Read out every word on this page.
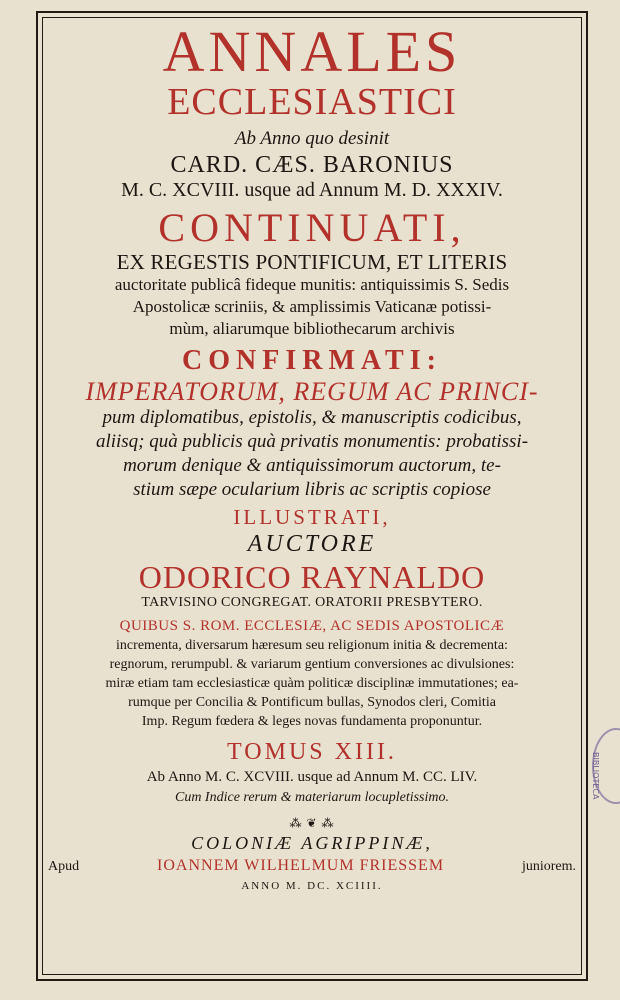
ANNALES
ECCLESIASTICI
Ab Anno quo desinit
CARD. CÆS. BARONIUS
M. C. XCVIII. usque ad Annum M. D. XXXIV.
CONTINUATI,
EX REGESTIS PONTIFICUM, ET LITERIS
auctoritate publicâ fideque munitis: antiquissimis S. Sedis
Apostolicæ scriniis, & amplissimis Vaticanæ potissi-
mùm, aliarumque bibliothecarum archivis
CONFIRMATI:
IMPERATORUM, REGUM AC PRINCI-
pum diplomatibus, epistolis, & manuscriptis codicibus,
aliisq; quà publicis quà privatis monumentis: probatissi-
morum denique & antiquissimorum auctorum, te-
stium sæpe ocularium libris ac scriptis copiose
ILLUSTRATI,
AUCTORE
ODORICO RAYNALDO
TARVISINO CONGREGAT. ORATORII PRESBYTERO.
QUIBUS S. ROM. ECCLESIÆ, AC SEDIS APOSTOLICÆ
incrementa, diversarum hæresum seu religionum initia & decrementa:
regnorum, rerumpubl. & variarum gentium conversiones ac divulsiones:
miræ etiam tam ecclesiasticæ quàm politicæ disciplinæ immutationes; ea-
rumque per Concilia & Pontificum bullas, Synodos cleri, Comitia
Imp. Regum fœdera & leges novas fundamenta proponuntur.
TOMUS XIII.
Ab Anno M. C. XCVIII. usque ad Annum M. CC. LIV.
Cum Indice rerum & materiarum locupletissimo.
⁂ ❦ ⁂
COLONIÆ AGRIPPINÆ,
Apud	IOANNEM WILHELMUM FRIESSEM	juniorem.
ANNO M. DC. XCIIII.
BIBLIOTECA
